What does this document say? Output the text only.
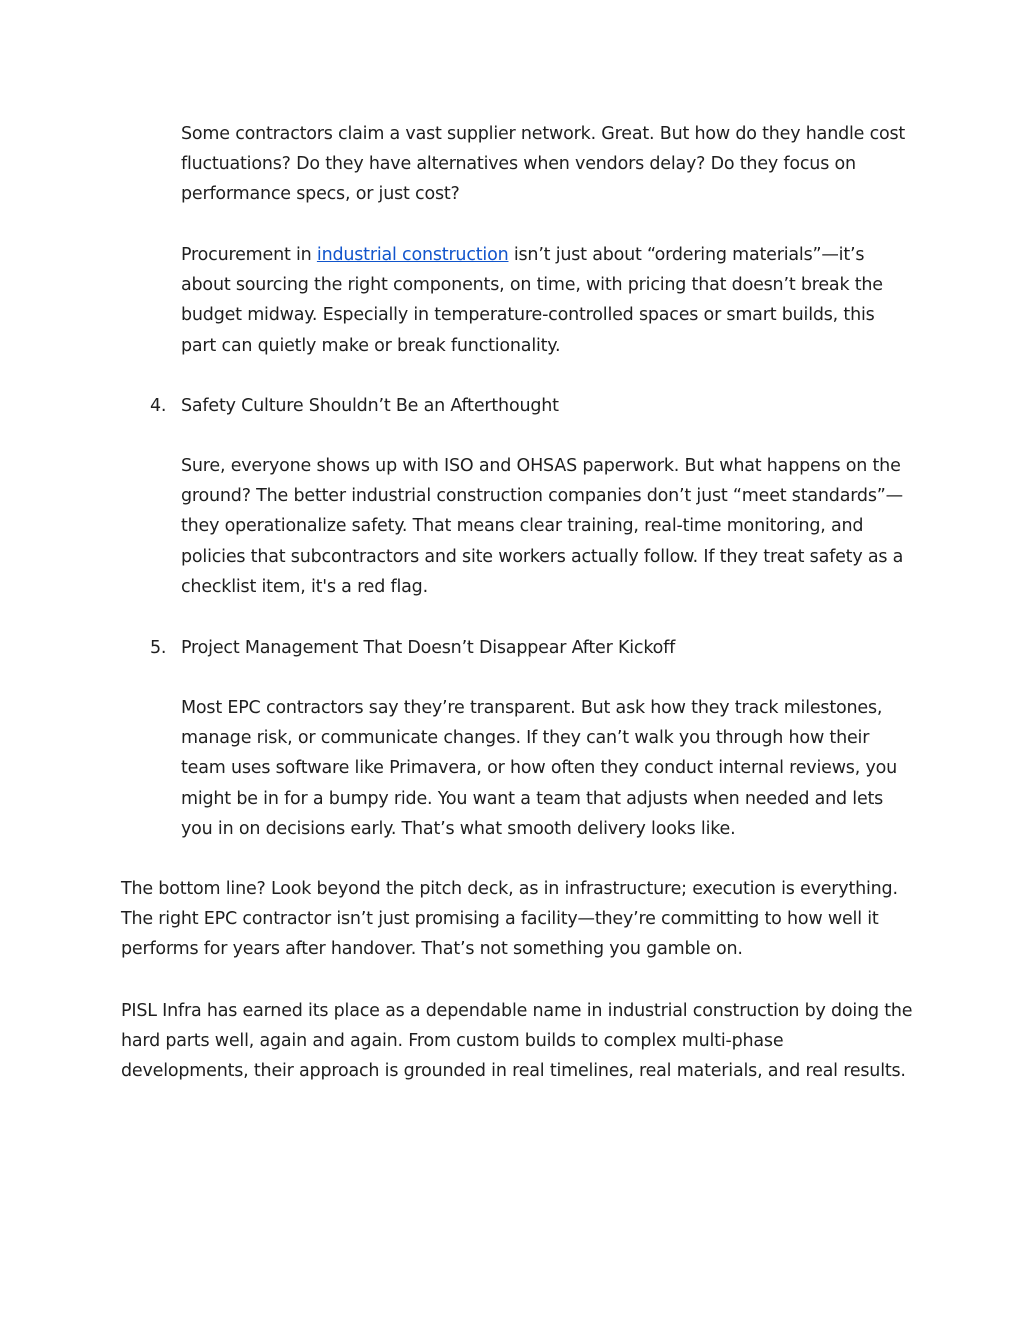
Some contractors claim a vast supplier network. Great. But how do they handle cost fluctuations? Do they have alternatives when vendors delay? Do they focus on performance specs, or just cost?

Procurement in industrial construction isn’t just about “ordering materials”—it’s about sourcing the right components, on time, with pricing that doesn’t break the budget midway. Especially in temperature-controlled spaces or smart builds, this part can quietly make or break functionality.

4. Safety Culture Shouldn’t Be an Afterthought

Sure, everyone shows up with ISO and OHSAS paperwork. But what happens on the ground? The better industrial construction companies don’t just “meet standards”—they operationalize safety. That means clear training, real-time monitoring, and policies that subcontractors and site workers actually follow. If they treat safety as a checklist item, it's a red flag.

5. Project Management That Doesn’t Disappear After Kickoff

Most EPC contractors say they’re transparent. But ask how they track milestones, manage risk, or communicate changes. If they can’t walk you through how their team uses software like Primavera, or how often they conduct internal reviews, you might be in for a bumpy ride. You want a team that adjusts when needed and lets you in on decisions early. That’s what smooth delivery looks like.

The bottom line? Look beyond the pitch deck, as in infrastructure; execution is everything. The right EPC contractor isn’t just promising a facility—they’re committing to how well it performs for years after handover. That’s not something you gamble on.

PISL Infra has earned its place as a dependable name in industrial construction by doing the hard parts well, again and again. From custom builds to complex multi-phase developments, their approach is grounded in real timelines, real materials, and real results.
